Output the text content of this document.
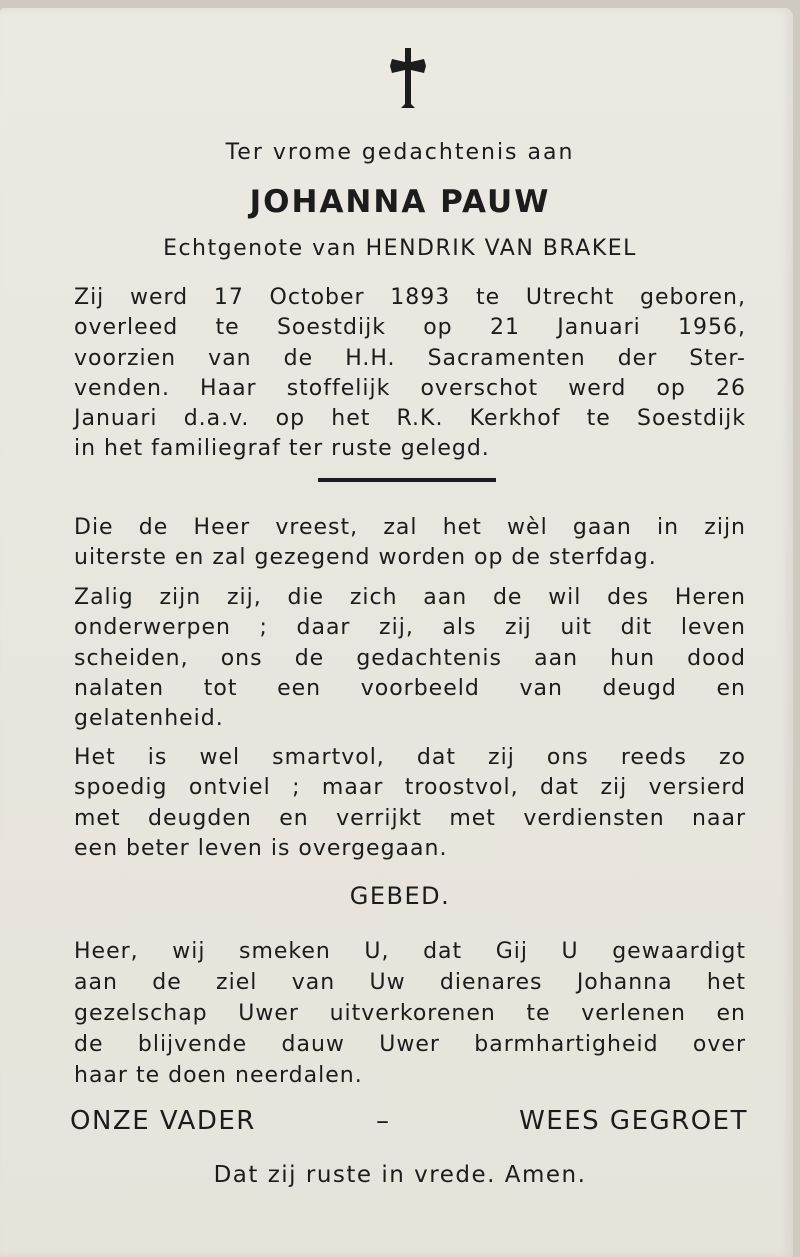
Ter vrome gedachtenis aan

JOHANNA PAUW

Echtgenote van HENDRIK VAN BRAKEL

Zij werd 17 October 1893 te Utrecht geboren,
overleed te Soestdijk op 21 Januari 1956,
voorzien van de H.H. Sacramenten der Ster-
venden. Haar stoffelijk overschot werd op 26
Januari d.a.v. op het R.K. Kerkhof te Soestdijk
in het familiegraf ter ruste gelegd.
Die de Heer vreest, zal het wèl gaan in zijn
uiterste en zal gezegend worden op de sterfdag.
Zalig zijn zij, die zich aan de wil des Heren
onderwerpen ; daar zij, als zij uit dit leven
scheiden, ons de gedachtenis aan hun dood
nalaten tot een voorbeeld van deugd en
gelatenheid.
Het is wel smartvol, dat zij ons reeds zo
spoedig ontviel ; maar troostvol, dat zij versierd
met deugden en verrijkt met verdiensten naar
een beter leven is overgegaan.

GEBED.

Heer, wij smeken U, dat Gij U gewaardigt
aan de ziel van Uw dienares Johanna het
gezelschap Uwer uitverkorenen te verlenen en
de blijvende dauw Uwer barmhartigheid over
haar te doen neerdalen.
ONZE VADER	–	WEES GEGROET

Dat zij ruste in vrede. Amen.
